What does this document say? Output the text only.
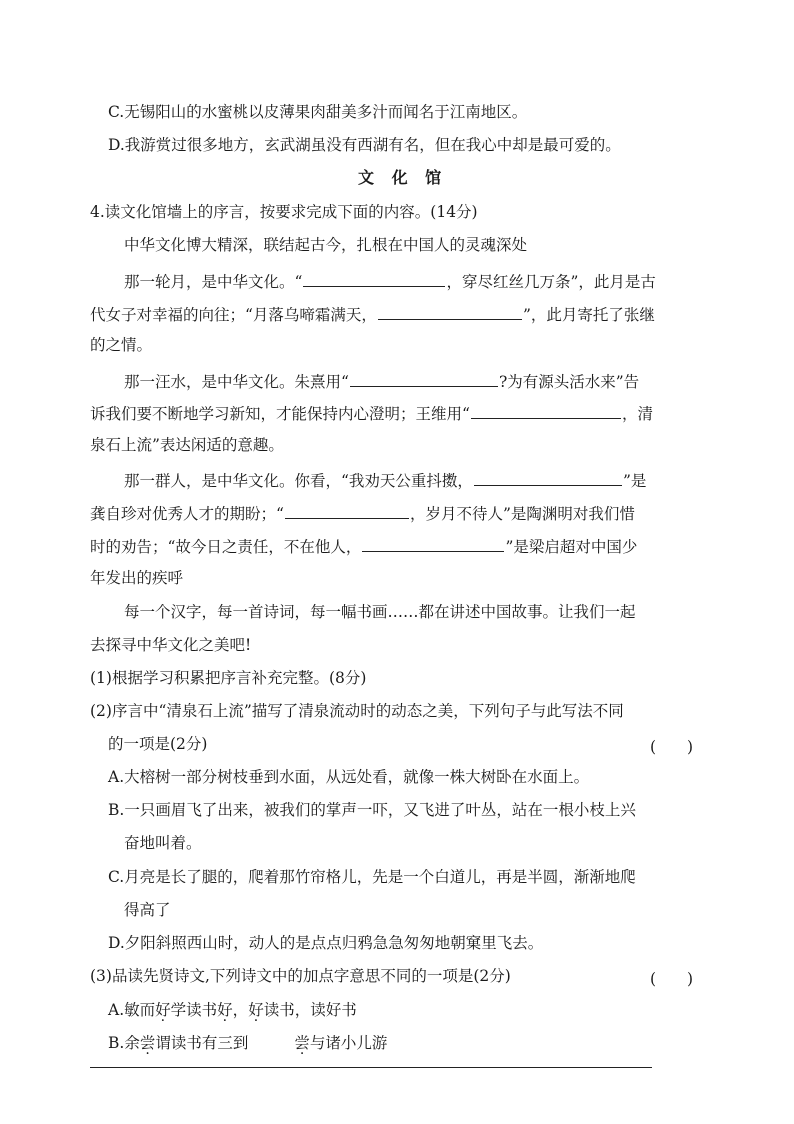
C.无锡阳山的水蜜桃以皮薄果肉甜美多汁而闻名于江南地区。
D.我游赏过很多地方，玄武湖虽没有西湖有名，但在我心中却是最可爱的。
文 化 馆
4.读文化馆墙上的序言，按要求完成下面的内容。(14分)
中华文化博大精深，联结起古今，扎根在中国人的灵魂深处
那一轮月，是中华文化。“	，穿尽红丝几万条”，此月是古
代女子对幸福的向往；“月落乌啼霜满天，	”，此月寄托了张继
的之情。
那一汪水，是中华文化。朱熹用“	?为有源头活水来”告
诉我们要不断地学习新知，才能保持内心澄明；王维用“	，清
泉石上流”表达闲适的意趣。
那一群人，是中华文化。你看，“我劝天公重抖擞，	”是
龚自珍对优秀人才的期盼；“	，岁月不待人”是陶渊明对我们惜
时的劝告；“故今日之责任，不在他人，	”是梁启超对中国少
年发出的疾呼
每一个汉字，每一首诗词，每一幅书画……都在讲述中国故事。让我们一起
去探寻中华文化之美吧!
(1)根据学习积累把序言补充完整。(8分)
(2)序言中“清泉石上流”描写了清泉流动时的动态之美，下列句子与此写法不同
的一项是(2分)	(　　)
A.大榕树一部分树枝垂到水面，从远处看，就像一株大树卧在水面上。
B.一只画眉飞了出来，被我们的掌声一吓，又飞进了叶丛，站在一根小枝上兴
奋地叫着。
C.月亮是长了腿的，爬着那竹帘格儿，先是一个白道儿，再是半圆，渐渐地爬
得高了
D.夕阳斜照西山时，动人的是点点归鸦急急匆匆地朝窠里飞去。
(3)品读先贤诗文,下列诗文中的加点字意思不同的一项是(2分)	(　　)
A.敏而好学读书好，好读书，读好书
B.余尝谓读书有三到	尝与诸小儿游
